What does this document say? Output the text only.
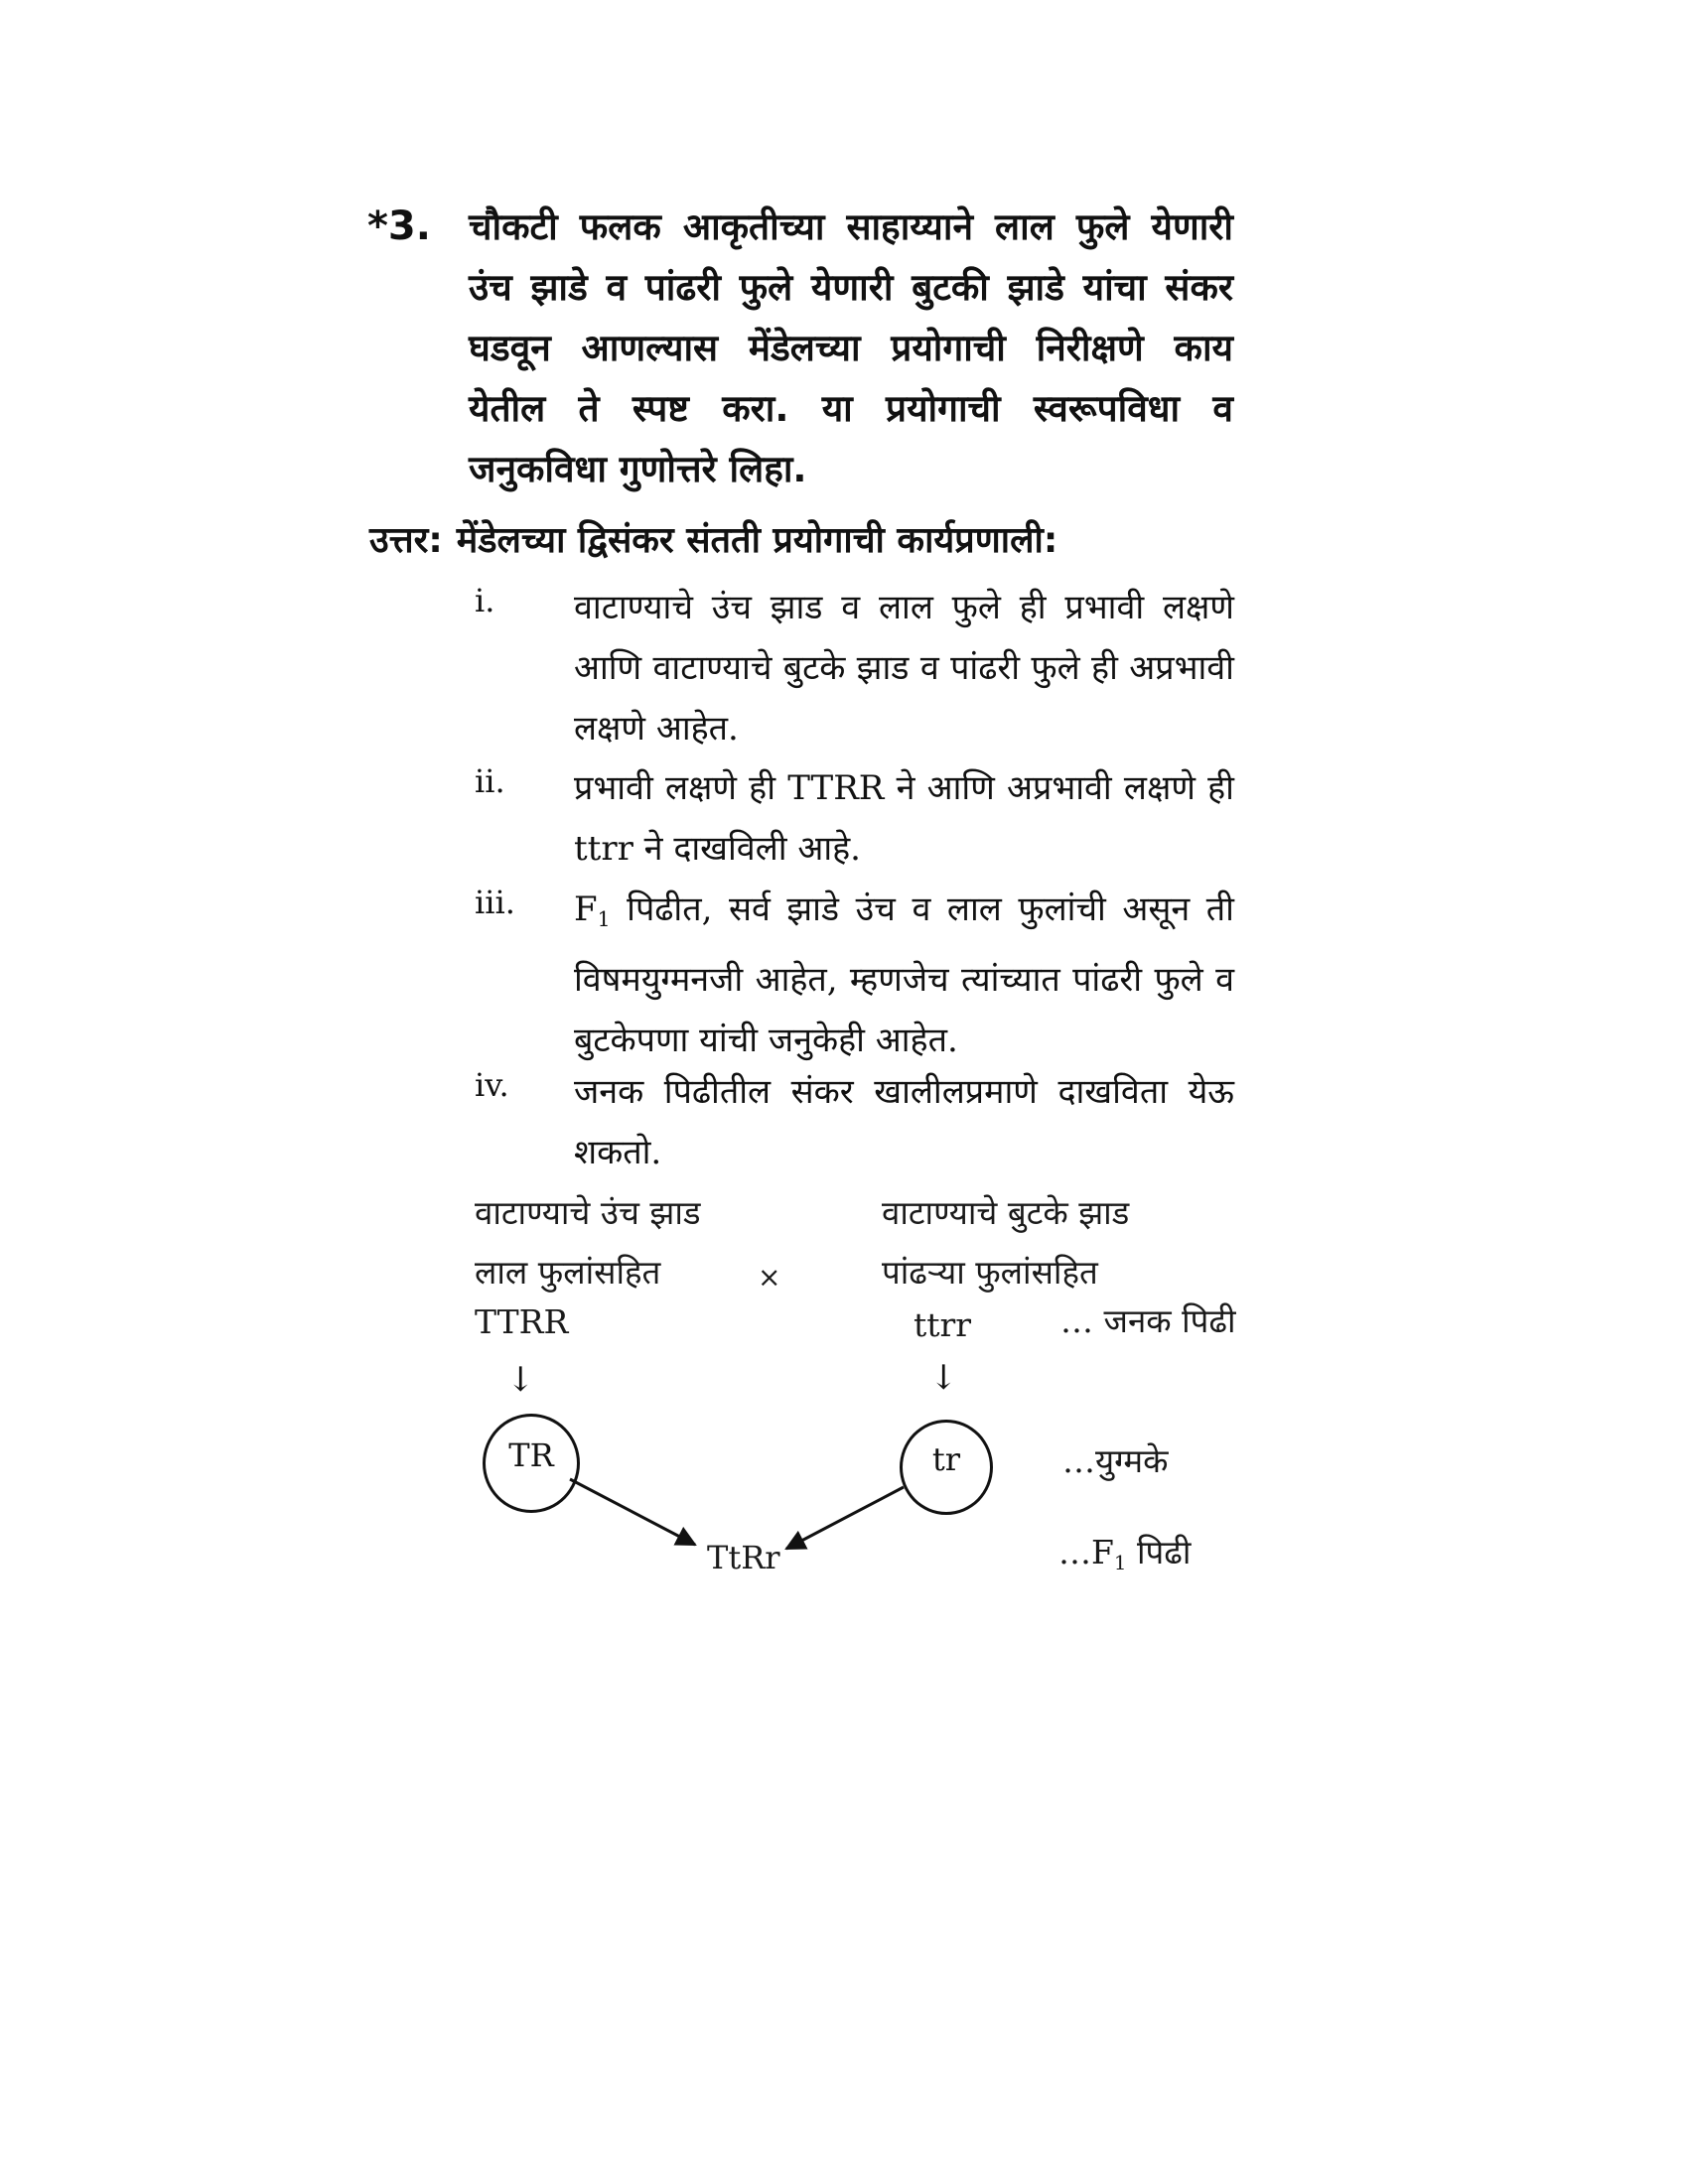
*3. चौकटी फलक आकृतीच्या साहाय्याने लाल फुले येणारी उंच झाडे व पांढरी फुले येणारी बुटकी झाडे यांचा संकर घडवून आणल्यास मेंडेलच्या प्रयोगाची निरीक्षणे काय येतील ते स्पष्ट करा. या प्रयोगाची स्वरूपविधा व जनुकविधा गुणोत्तरे लिहा.
उत्तर: मेंडेलच्या द्विसंकर संतती प्रयोगाची कार्यप्रणाली:
i. वाटाण्याचे उंच झाड व लाल फुले ही प्रभावी लक्षणे आणि वाटाण्याचे बुटके झाड व पांढरी फुले ही अप्रभावी लक्षणे आहेत.
ii. प्रभावी लक्षणे ही TTRR ने आणि अप्रभावी लक्षणे ही ttrr ने दाखविली आहे.
iii. $F_1$ पिढीत, सर्व झाडे उंच व लाल फुलांची असून ती विषमयुग्मनजी आहेत, म्हणजेच त्यांच्यात पांढरी फुले व बुटकेपणा यांची जनुकेही आहेत.
iv. जनक पिढीतील संकर खालीलप्रमाणे दाखविता येऊ शकतो.
वाटाण्याचे उंच झाड
लाल फुलांसहित
TTRR
×
वाटाण्याचे बुटके झाड
पांढऱ्या फुलांसहित
ttrr	… जनक पिढी
↓	↓
TR	tr	…युग्मके
TtRr	$\dots F_1$ पिढी
